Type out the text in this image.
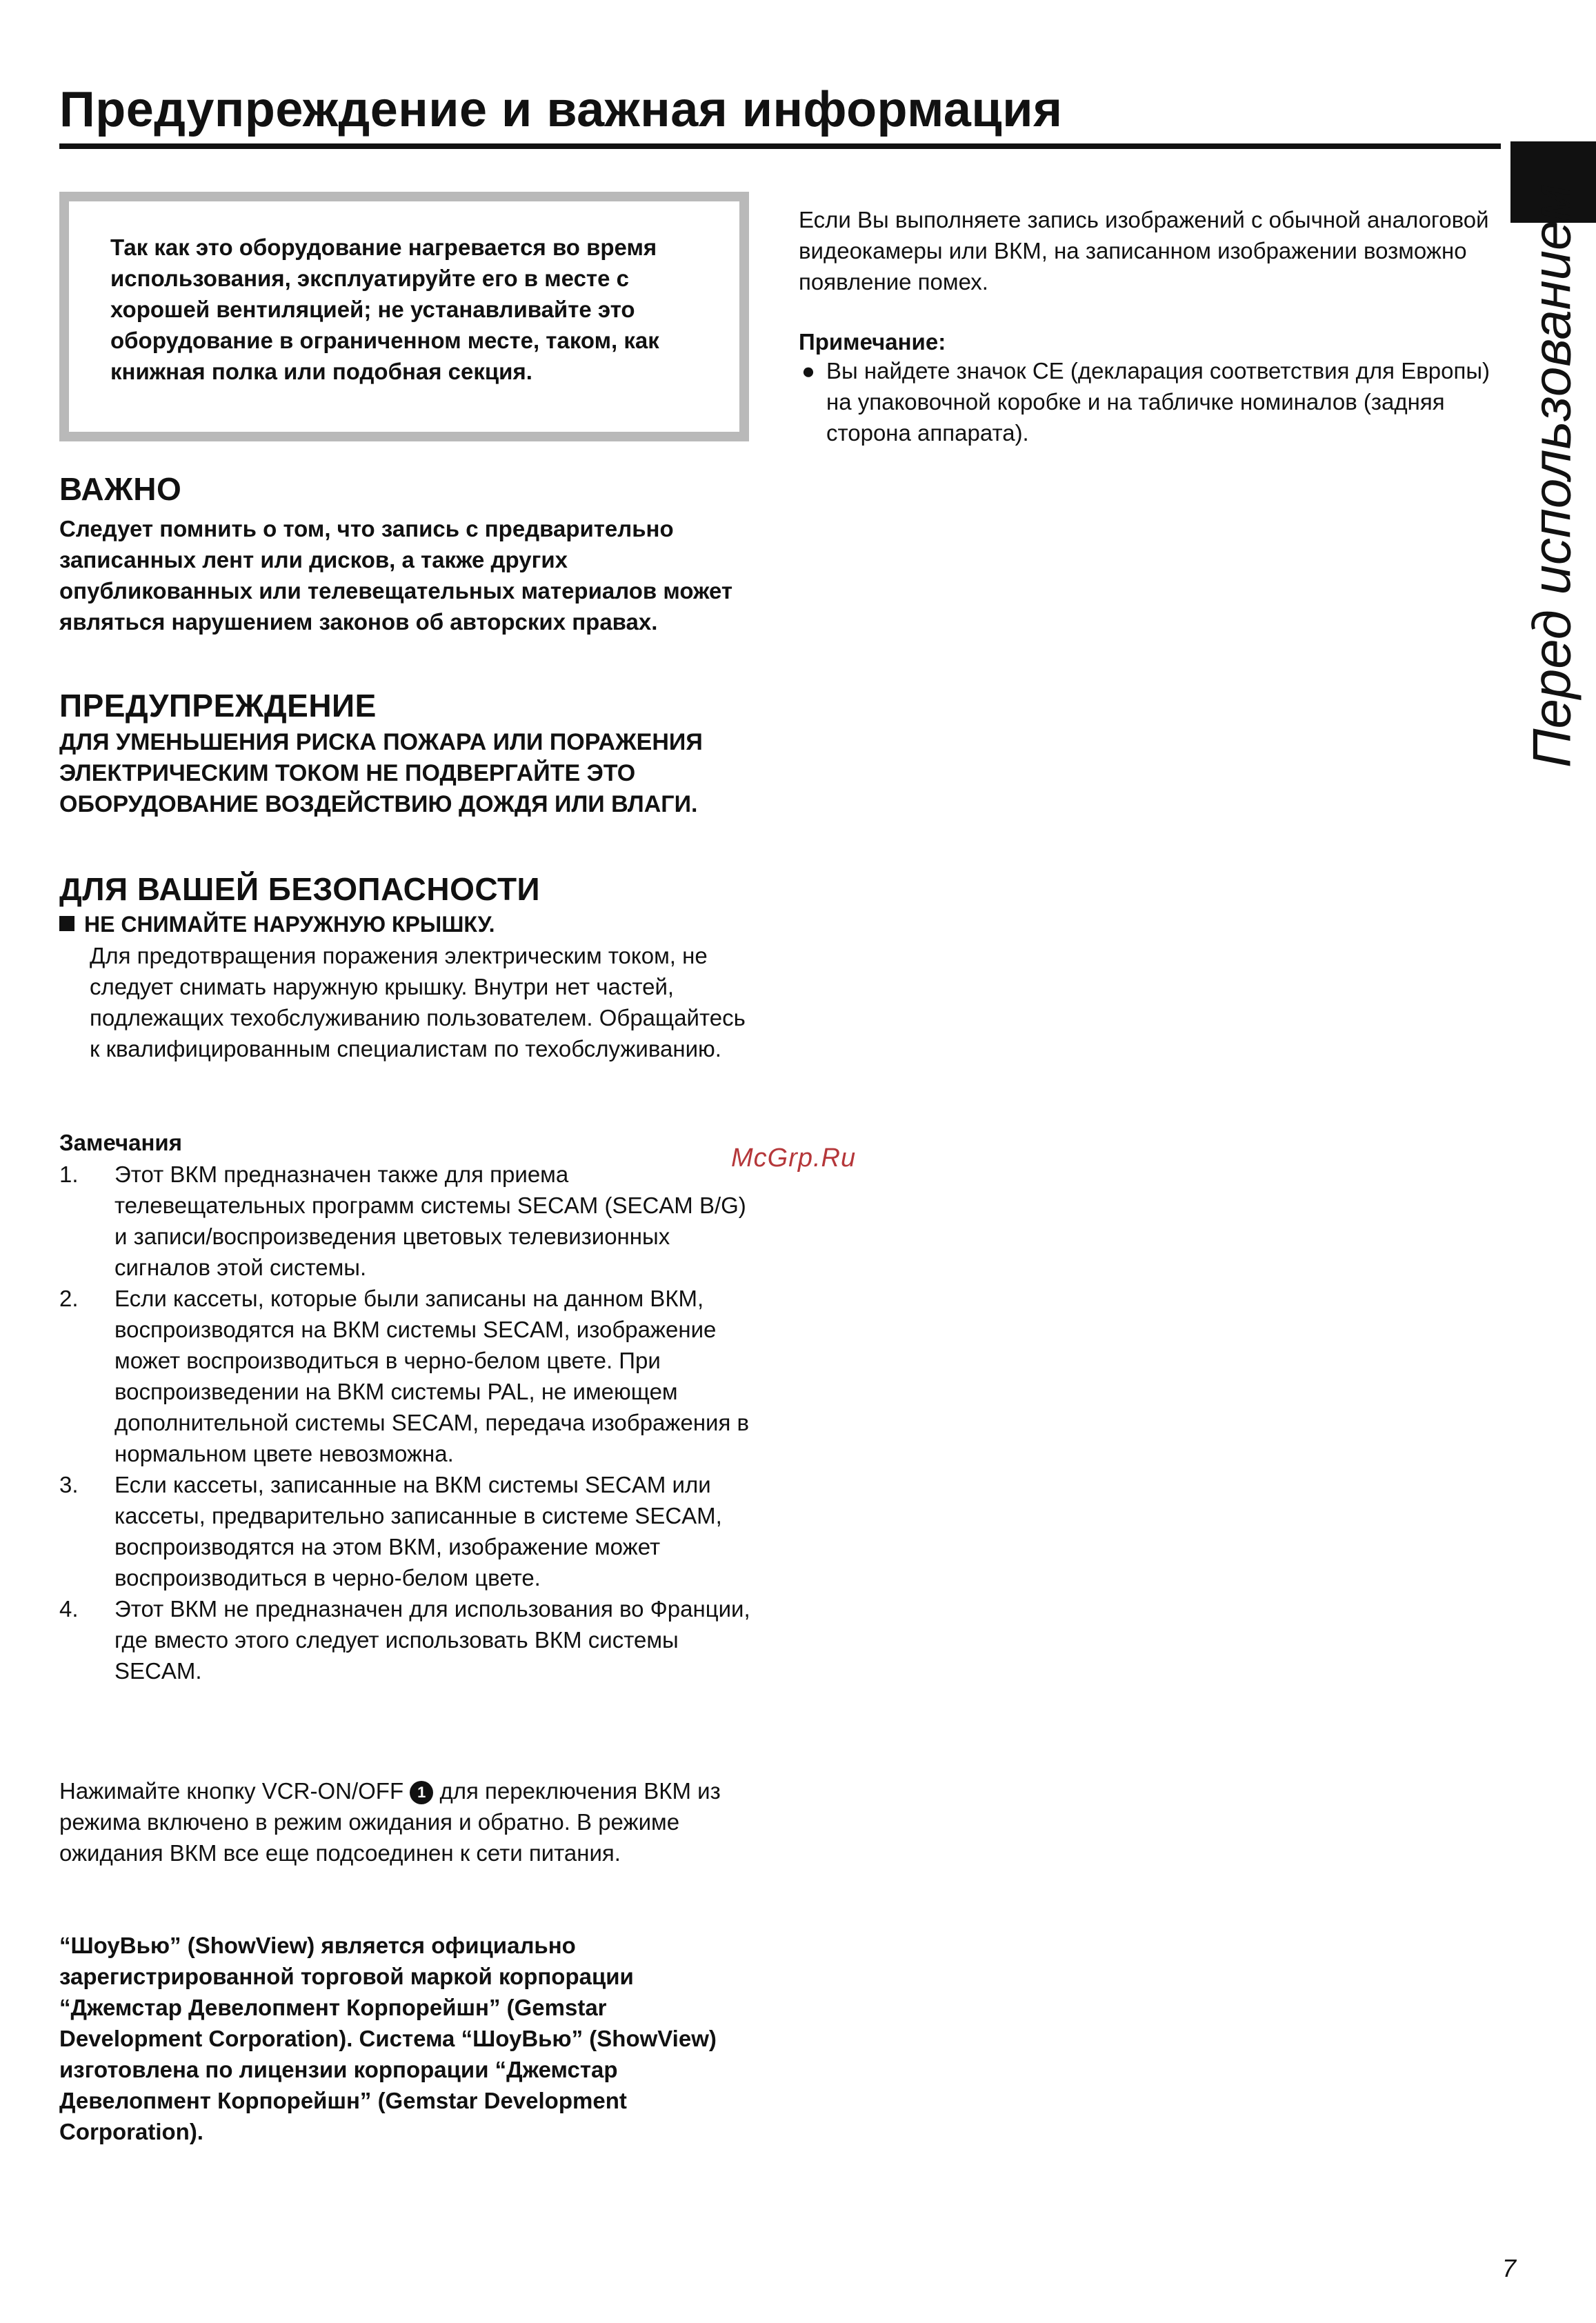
Предупреждение и важная информация
Перед использованием

Так как это оборудование нагревается во время использования, эксплуатируйте его в месте с хорошей вентиляцией; не устанавливайте это оборудование в ограниченном месте, таком, как книжная полка или подобная секция.

ВАЖНО

Следует помнить о том, что запись с предварительно записанных лент или дисков, а также других опубликованных или телевещательных материалов может являться нарушением законов об авторских правах.

ПРЕДУПРЕЖДЕНИЕ

ДЛЯ УМЕНЬШЕНИЯ РИСКА ПОЖАРА ИЛИ ПОРАЖЕНИЯ ЭЛЕКТРИЧЕСКИМ ТОКОМ НЕ ПОДВЕРГАЙТЕ ЭТО ОБОРУДОВАНИЕ ВОЗДЕЙСТВИЮ ДОЖДЯ ИЛИ ВЛАГИ.

ДЛЯ ВАШЕЙ БЕЗОПАСНОСТИ

НЕ СНИМАЙТЕ НАРУЖНУЮ КРЫШКУ.

Для предотвращения поражения электрическим током, не следует снимать наружную крышку. Внутри нет частей, подлежащих техобслуживанию пользователем. Обращайтесь к квалифицированным специалистам по техобслуживанию.

Замечания
1. Этот ВКМ предназначен также для приема телевещательных программ системы SECAM (SECAM B/G) и записи/воспроизведения цветовых телевизионных сигналов этой системы.
2. Если кассеты, которые были записаны на данном ВКМ, воспроизводятся на ВКМ системы SECAM, изображение может воспроизводиться в черно-белом цвете. При воспроизведении на ВКМ системы PAL, не имеющем дополнительной системы SECAM, передача изображения в нормальном цвете невозможна.
3. Если кассеты, записанные на ВКМ системы SECAM или кассеты, предварительно записанные в системе SECAM, воспроизводятся на этом ВКМ, изображение может воспроизводиться в черно-белом цвете.
4. Этот ВКМ не предназначен для использования во Франции, где вместо этого следует использовать ВКМ системы SECAM.

Нажимайте кнопку VCR-ON/OFF 1 для переключения ВКМ из режима включено в режим ожидания и обратно. В режиме ожидания ВКМ все еще подсоединен к сети питания.

“ШоуВью” (ShowView) является официально зарегистрированной торговой маркой корпорации “Джемстар Девелопмент Корпорейшн” (Gemstar Development Corporation). Система “ШоуВью” (ShowView) изготовлена по лицензии корпорации “Джемстар Девелопмент Корпорейшн” (Gemstar Development Corporation).

Если Вы выполняете запись изображений с обычной аналоговой видеокамеры или ВКМ, на записанном изображении возможно появление помех.

Примечание:

● Вы найдете значок CE (декларация соответствия для Европы) на упаковочной коробке и на табличке номиналов (задняя сторона аппарата).

McGrp.Ru
7
